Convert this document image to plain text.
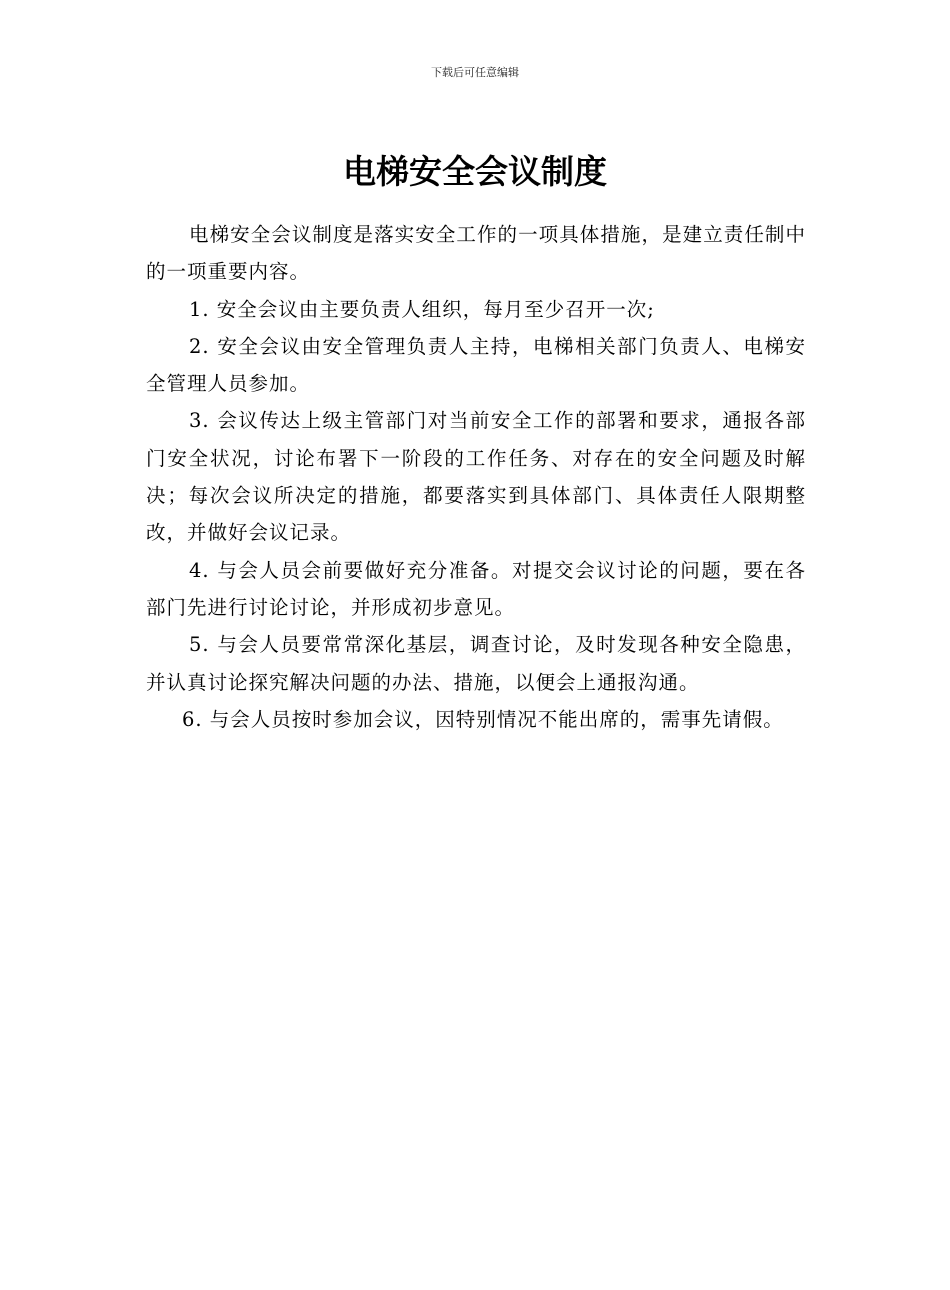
下载后可任意编辑
电梯安全会议制度

电梯安全会议制度是落实安全工作的一项具体措施，是建立责任制中的一项重要内容。

1. 安全会议由主要负责人组织，每月至少召开一次;

2. 安全会议由安全管理负责人主持，电梯相关部门负责人、电梯安全管理人员参加。

3. 会议传达上级主管部门对当前安全工作的部署和要求，通报各部门安全状况，讨论布署下一阶段的工作任务、对存在的安全问题及时解决；每次会议所决定的措施，都要落实到具体部门、具体责任人限期整改，并做好会议记录。

4. 与会人员会前要做好充分准备。对提交会议讨论的问题，要在各部门先进行讨论讨论，并形成初步意见。

5. 与会人员要常常深化基层，调查讨论，及时发现各种安全隐患，并认真讨论探究解决问题的办法、措施，以便会上通报沟通。

6. 与会人员按时参加会议，因特别情况不能出席的，需事先请假。
